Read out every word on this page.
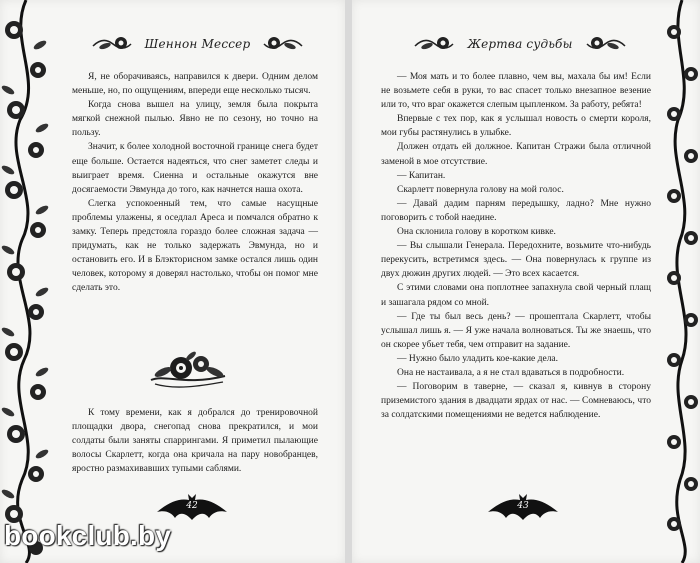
Шеннон Мессер	Жертва судьбы

Я, не оборачиваясь, направился к двери. Одним делом меньше, но, по ощущениям, впереди еще несколько тысяч.

Когда снова вышел на улицу, земля была покрыта мягкой снежной пылью. Явно не по сезону, но точно на пользу.

Значит, к более холодной восточной границе снега будет еще больше. Остается надеяться, что снег заметет следы и выиграет время. Сиенна и остальные окажутся вне досягаемости Эвмунда до того, как начнется наша охота.

Слегка успокоенный тем, что самые насущные проблемы улажены, я оседлал Ареса и помчался обратно к замку. Теперь предстояла гораздо более сложная задача — придумать, как не только задержать Эвмунда, но и остановить его. И в Блэкторисном замке остался лишь один человек, которому я доверял настолько, чтобы он помог мне сделать это.

К тому времени, как я добрался до тренировочной площадки двора, снегопад снова прекратился, и мои солдаты были заняты спаррингами. Я приметил пылающие волосы Скарлетт, когда она кричала на пару новобранцев, яростно размахивавших тупыми саблями.

— Моя мать и то более плавно, чем вы, махала бы им! Если не возьмете себя в руки, то вас спасет только внезапное везение или то, что враг окажется слепым цыпленком. За работу, ребята!

Впервые с тех пор, как я услышал новость о смерти короля, мои губы растянулись в улыбке.

Должен отдать ей должное. Капитан Стражи была отличной заменой в мое отсутствие.

— Капитан.

Скарлетт повернула голову на мой голос.

— Давай дадим парням передышку, ладно? Мне нужно поговорить с тобой наедине.

Она склонила голову в коротком кивке.

— Вы слышали Генерала. Передохните, возьмите что-нибудь перекусить, встретимся здесь. — Она повернулась к группе из двух дюжин других людей. — Это всех касается.

С этими словами она поплотнее запахнула свой черный плащ и зашагала рядом со мной.

— Где ты был весь день? — прошептала Скарлетт, чтобы услышал лишь я. — Я уже начала волноваться. Ты же знаешь, что он скорее убьет тебя, чем отправит на задание.

— Нужно было уладить кое-какие дела.

Она не настаивала, а я не стал вдаваться в подробности.

— Поговорим в таверне, — сказал я, кивнув в сторону приземистого здания в двадцати ярдах от нас. — Сомневаюсь, что за солдатскими помещениями не ведется наблюдение.

42	43
bookclub.by
